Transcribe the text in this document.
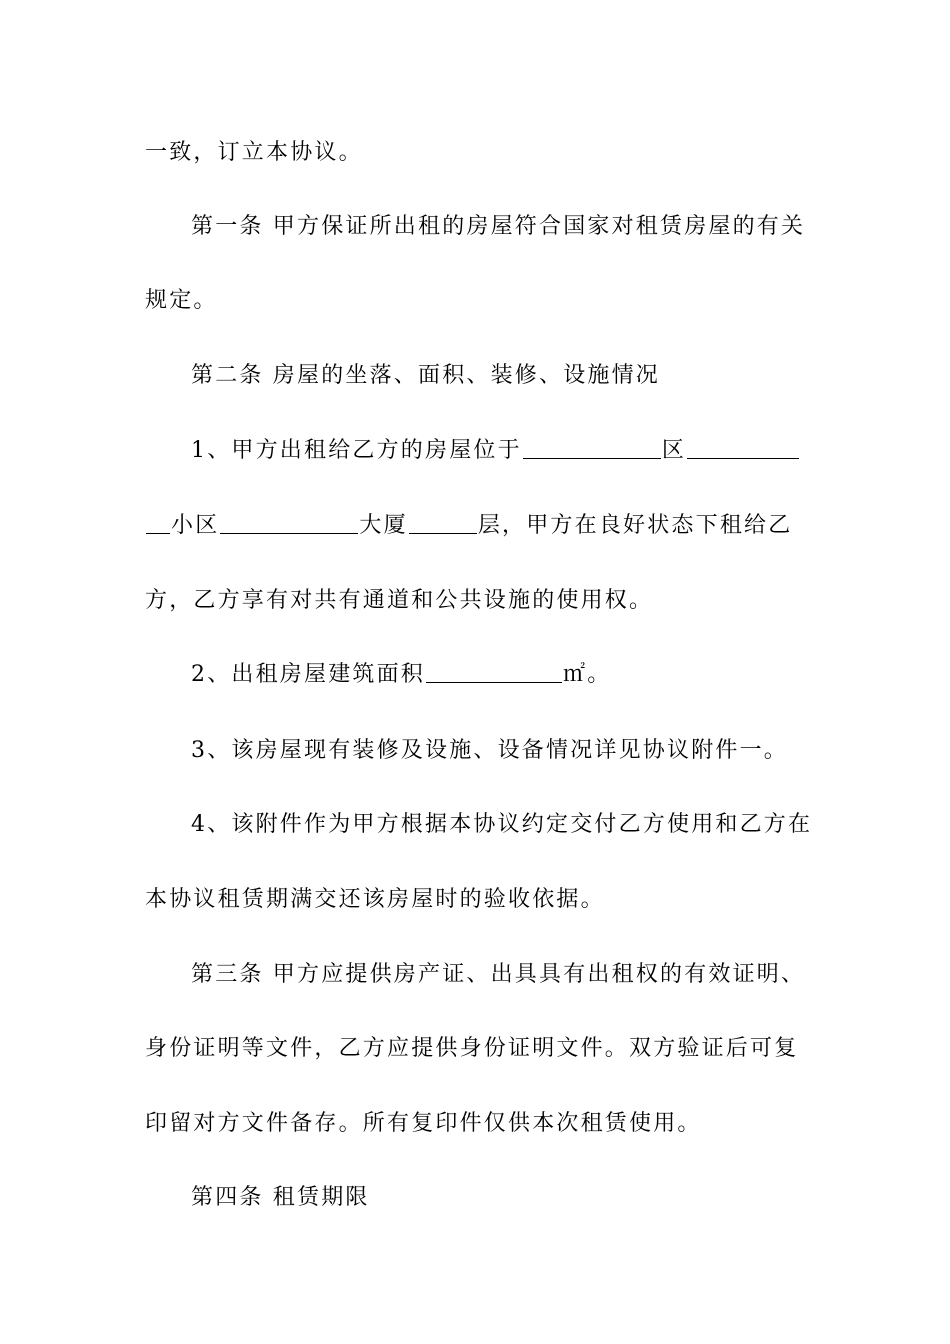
一致，订立本协议。
第一条 甲方保证所出租的房屋符合国家对租赁房屋的有关
规定。
第二条 房屋的坐落、面积、装修、设施情况
1、甲方出租给乙方的房屋位于	区
小区	大厦	层，甲方在良好状态下租给乙
方，乙方享有对共有通道和公共设施的使用权。
2、出租房屋建筑面积	㎡。
3、该房屋现有装修及设施、设备情况详见协议附件一。
4、该附件作为甲方根据本协议约定交付乙方使用和乙方在
本协议租赁期满交还该房屋时的验收依据。
第三条 甲方应提供房产证、出具具有出租权的有效证明、
身份证明等文件，乙方应提供身份证明文件。双方验证后可复
印留对方文件备存。所有复印件仅供本次租赁使用。
第四条 租赁期限
